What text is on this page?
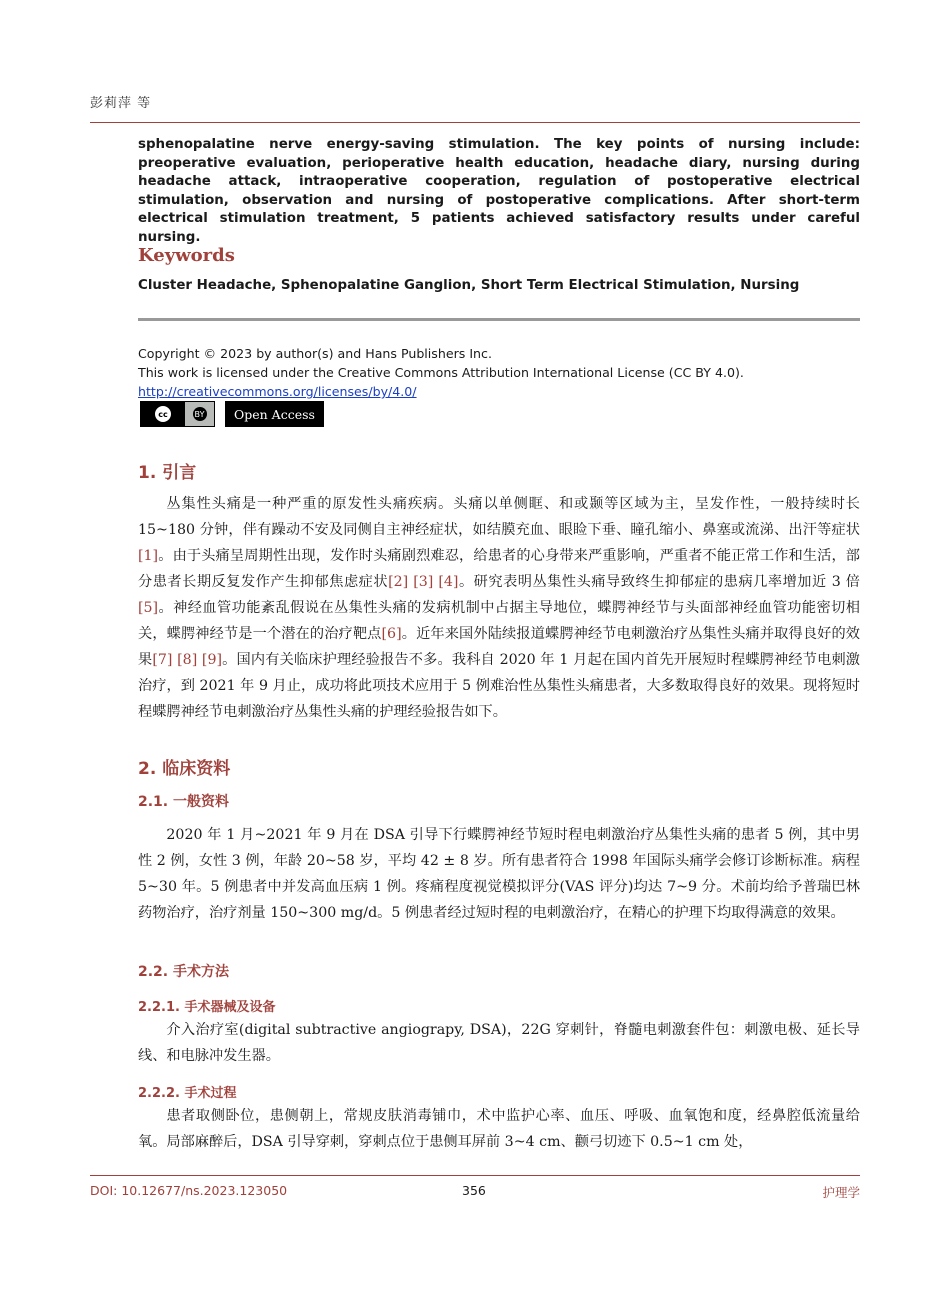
彭莉萍 等
sphenopalatine nerve energy-saving stimulation. The key points of nursing include: preoperative evaluation, perioperative health education, headache diary, nursing during headache attack, intraoperative cooperation, regulation of postoperative electrical stimulation, observation and nursing of postoperative complications. After short-term electrical stimulation treatment, 5 patients achieved satisfactory results under careful nursing.
Keywords
Cluster Headache, Sphenopalatine Ganglion, Short Term Electrical Stimulation, Nursing
Copyright © 2023 by author(s) and Hans Publishers Inc.
This work is licensed under the Creative Commons Attribution International License (CC BY 4.0).
http://creativecommons.org/licenses/by/4.0/
cc	BY	Open Access
1. 引言
丛集性头痛是一种严重的原发性头痛疾病。头痛以单侧眶、和或颞等区域为主，呈发作性，一般持续时长 15~180 分钟，伴有躁动不安及同侧自主神经症状，如结膜充血、眼睑下垂、瞳孔缩小、鼻塞或流涕、出汗等症状[1]。由于头痛呈周期性出现，发作时头痛剧烈难忍，给患者的心身带来严重影响，严重者不能正常工作和生活，部分患者长期反复发作产生抑郁焦虑症状[2] [3] [4]。研究表明丛集性头痛导致终生抑郁症的患病几率增加近 3 倍[5]。神经血管功能紊乱假说在丛集性头痛的发病机制中占据主导地位，蝶腭神经节与头面部神经血管功能密切相关，蝶腭神经节是一个潜在的治疗靶点[6]。近年来国外陆续报道蝶腭神经节电刺激治疗丛集性头痛并取得良好的效果[7] [8] [9]。国内有关临床护理经验报告不多。我科自 2020 年 1 月起在国内首先开展短时程蝶腭神经节电刺激治疗，到 2021 年 9 月止，成功将此项技术应用于 5 例难治性丛集性头痛患者，大多数取得良好的效果。现将短时程蝶腭神经节电刺激治疗丛集性头痛的护理经验报告如下。
2. 临床资料
2.1. 一般资料
2020 年 1 月~2021 年 9 月在 DSA 引导下行蝶腭神经节短时程电刺激治疗丛集性头痛的患者 5 例，其中男性 2 例，女性 3 例，年龄 20~58 岁，平均 42 ± 8 岁。所有患者符合 1998 年国际头痛学会修订诊断标准。病程 5~30 年。5 例患者中并发高血压病 1 例。疼痛程度视觉模拟评分(VAS 评分)均达 7~9 分。术前均给予普瑞巴林药物治疗，治疗剂量 150~300 mg/d。5 例患者经过短时程的电刺激治疗，在精心的护理下均取得满意的效果。
2.2. 手术方法
2.2.1. 手术器械及设备
介入治疗室(digital subtractive angiograpy, DSA)，22G 穿刺针，脊髓电刺激套件包：刺激电极、延长导线、和电脉冲发生器。
2.2.2. 手术过程
患者取侧卧位，患侧朝上，常规皮肤消毒铺巾，术中监护心率、血压、呼吸、血氧饱和度，经鼻腔低流量给氧。局部麻醉后，DSA 引导穿刺，穿刺点位于患侧耳屏前 3~4 cm、颧弓切迹下 0.5~1 cm 处，
DOI: 10.12677/ns.2023.123050	356	护理学
